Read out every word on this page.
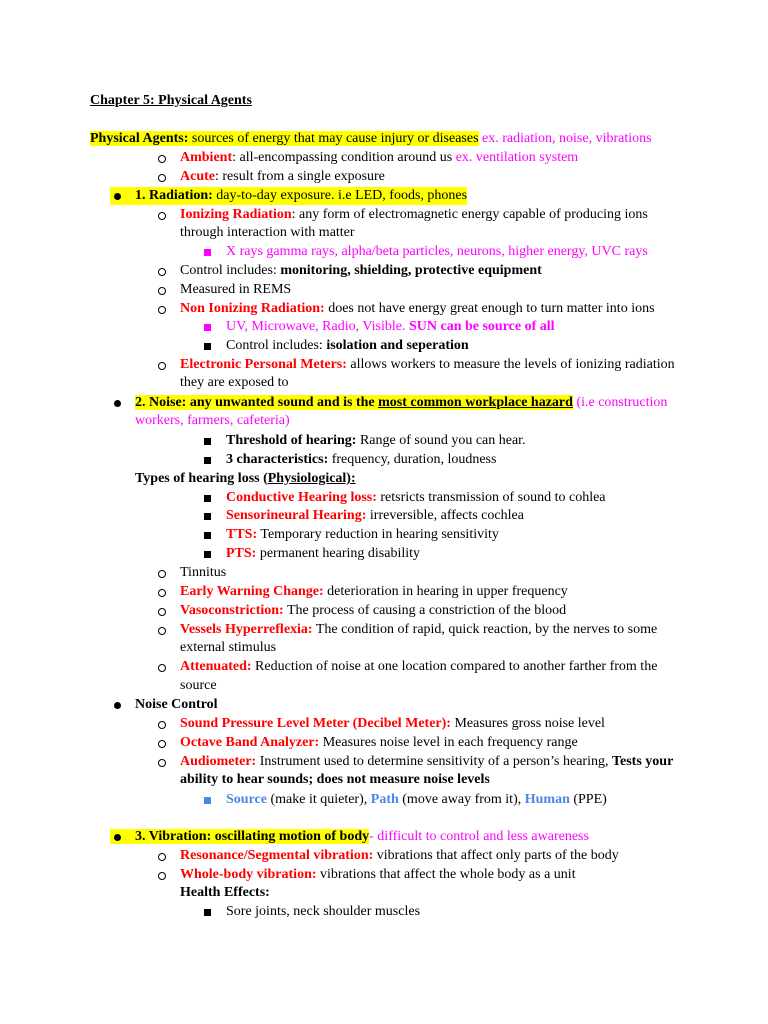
Chapter 5: Physical Agents
Physical Agents: sources of energy that may cause injury or diseases ex. radiation, noise, vibrations
Ambient: all-encompassing condition around us ex. ventilation system
Acute: result from a single exposure
1. Radiation: day-to-day exposure. i.e LED, foods, phones
Ionizing Radiation: any form of electromagnetic energy capable of producing ions
through interaction with matter
X rays gamma rays, alpha/beta particles, neurons, higher energy, UVC rays
Control includes: monitoring, shielding, protective equipment
Measured in REMS
Non Ionizing Radiation: does not have energy great enough to turn matter into ions
UV, Microwave, Radio, Visible. SUN can be source of all
Control includes: isolation and seperation
Electronic Personal Meters: allows workers to measure the levels of ionizing radiation
they are exposed to
2. Noise: any unwanted sound and is the most common workplace hazard (i.e construction
workers, farmers, cafeteria)
Threshold of hearing: Range of sound you can hear.
3 characteristics: frequency, duration, loudness
Types of hearing loss (Physiological):
Conductive Hearing loss: retsricts transmission of sound to cohlea
Sensorineural Hearing: irreversible, affects cochlea
TTS: Temporary reduction in hearing sensitivity
PTS: permanent hearing disability
Tinnitus
Early Warning Change: deterioration in hearing in upper frequency
Vasoconstriction: The process of causing a constriction of the blood
Vessels Hyperreflexia: The condition of rapid, quick reaction, by the nerves to some
external stimulus
Attenuated: Reduction of noise at one location compared to another farther from the
source
Noise Control
Sound Pressure Level Meter (Decibel Meter): Measures gross noise level
Octave Band Analyzer: Measures noise level in each frequency range
Audiometer: Instrument used to determine sensitivity of a person’s hearing, Tests your
ability to hear sounds; does not measure noise levels
Source (make it quieter), Path (move away from it), Human (PPE)
3. Vibration: oscillating motion of body- difficult to control and less awareness
Resonance/Segmental vibration: vibrations that affect only parts of the body
Whole-body vibration: vibrations that affect the whole body as a unit
Health Effects:
Sore joints, neck shoulder muscles
